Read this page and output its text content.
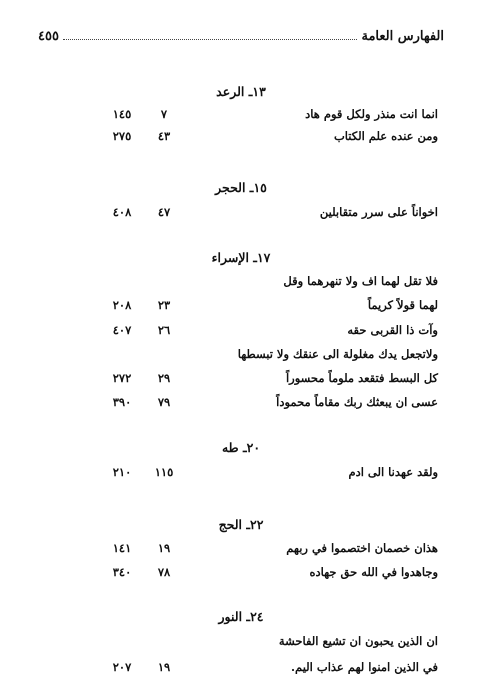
الفهارس العامة
٤٥٥
١٣ـ الرعد
انما انت منذر ولكل قوم هاد
٧
١٤٥
ومن عنده علم الكتاب
٤٣
٢٧٥
١٥ـ الحجر
اخواناً على سرر متقابلين
٤٧
٤٠٨
١٧ـ الإسراء
فلا تقل لهما اف ولا تنهرهما وقل
لهما قولاً كريماً
٢٣
٢٠٨
وآت ذا القربى حقه
٢٦
٤٠٧
ولاتجعل يدك مغلولة الى عنقك ولا تبسطها
كل البسط فتقعد ملوماً محسوراً
٢٩
٢٧٢
عسى ان يبعثك ربك مقاماً محموداً
٧٩
٣٩٠
٢٠ـ طه
ولقد عهدنا الى ادم
١١٥
٢١٠
٢٢ـ الحج
هذان خصمان اختصموا في ربهم
١٩
١٤١
وجاهدوا في الله حق جهاده
٧٨
٣٤٠
٢٤ـ النور
ان الذين يحبون ان تشيع الفاحشة
في الذين امنوا لهم عذاب اليم.
١٩
٢٠٧
